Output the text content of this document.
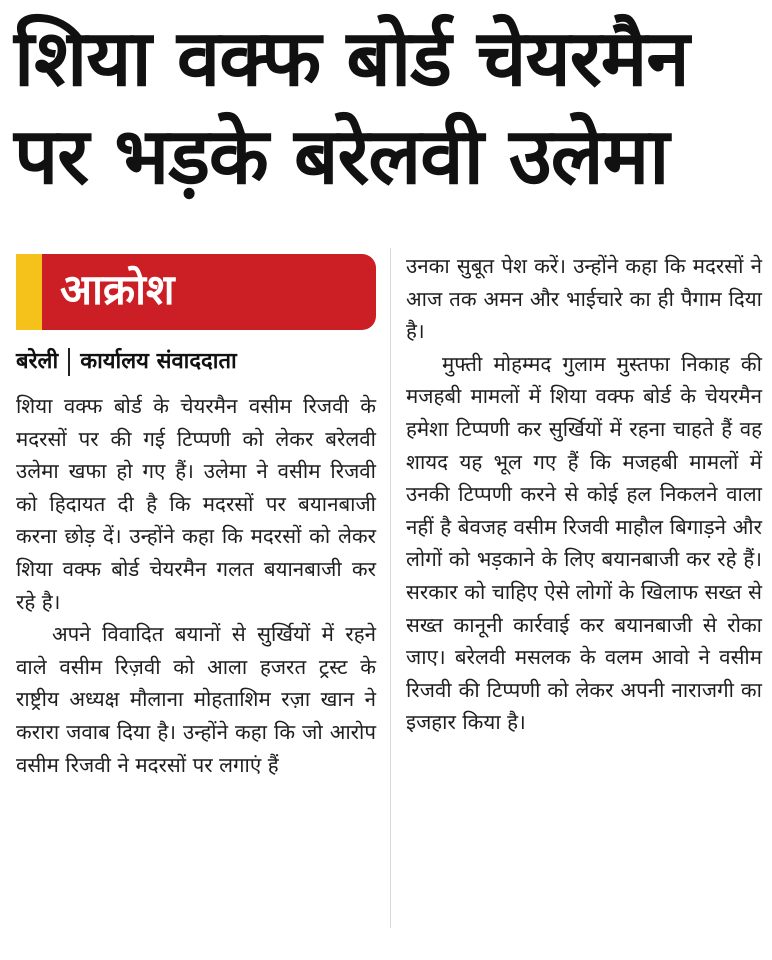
शिया वक्फ बोर्ड चेयरमैन
पर भड़के बरेलवी उलेमा
आक्रोश
बरेली कार्यालय संवाददाता

शिया वक्फ बोर्ड के चेयरमैन वसीम रिजवी के मदरसों पर की गई टिप्पणी को लेकर बरेलवी उलेमा खफा हो गए हैं। उलेमा ने वसीम रिजवी को हिदायत दी है कि मदरसों पर बयानबाजी करना छोड़ दें। उन्होंने कहा कि मदरसों को लेकर शिया वक्फ बोर्ड चेयरमैन गलत बयानबाजी कर रहे है।

अपने विवादित बयानों से सुर्खियों में रहने वाले वसीम रिज़वी को आला हजरत ट्रस्ट के राष्ट्रीय अध्यक्ष मौलाना मोहताशिम रज़ा खान ने करारा जवाब दिया है। उन्होंने कहा कि जो आरोप वसीम रिजवी ने मदरसों पर लगाएं हैं

उनका सुबूत पेश करें। उन्होंने कहा कि मदरसों ने आज तक अमन और भाईचारे का ही पैगाम दिया है।

मुफ्ती मोहम्मद गुलाम मुस्तफा निकाह की मजहबी मामलों में शिया वक्फ बोर्ड के चेयरमैन हमेशा टिप्पणी कर सुर्खियों में रहना चाहते हैं वह शायद यह भूल गए हैं कि मजहबी मामलों में उनकी टिप्पणी करने से कोई हल निकलने वाला नहीं है बेवजह वसीम रिजवी माहौल बिगाड़ने और लोगों को भड़काने के लिए बयानबाजी कर रहे हैं। सरकार को चाहिए ऐसे लोगों के खिलाफ सख्त से सख्त कानूनी कार्रवाई कर बयानबाजी से रोका जाए। बरेलवी मसलक के वलम आवो ने वसीम रिजवी की टिप्पणी को लेकर अपनी नाराजगी का इजहार किया है।
